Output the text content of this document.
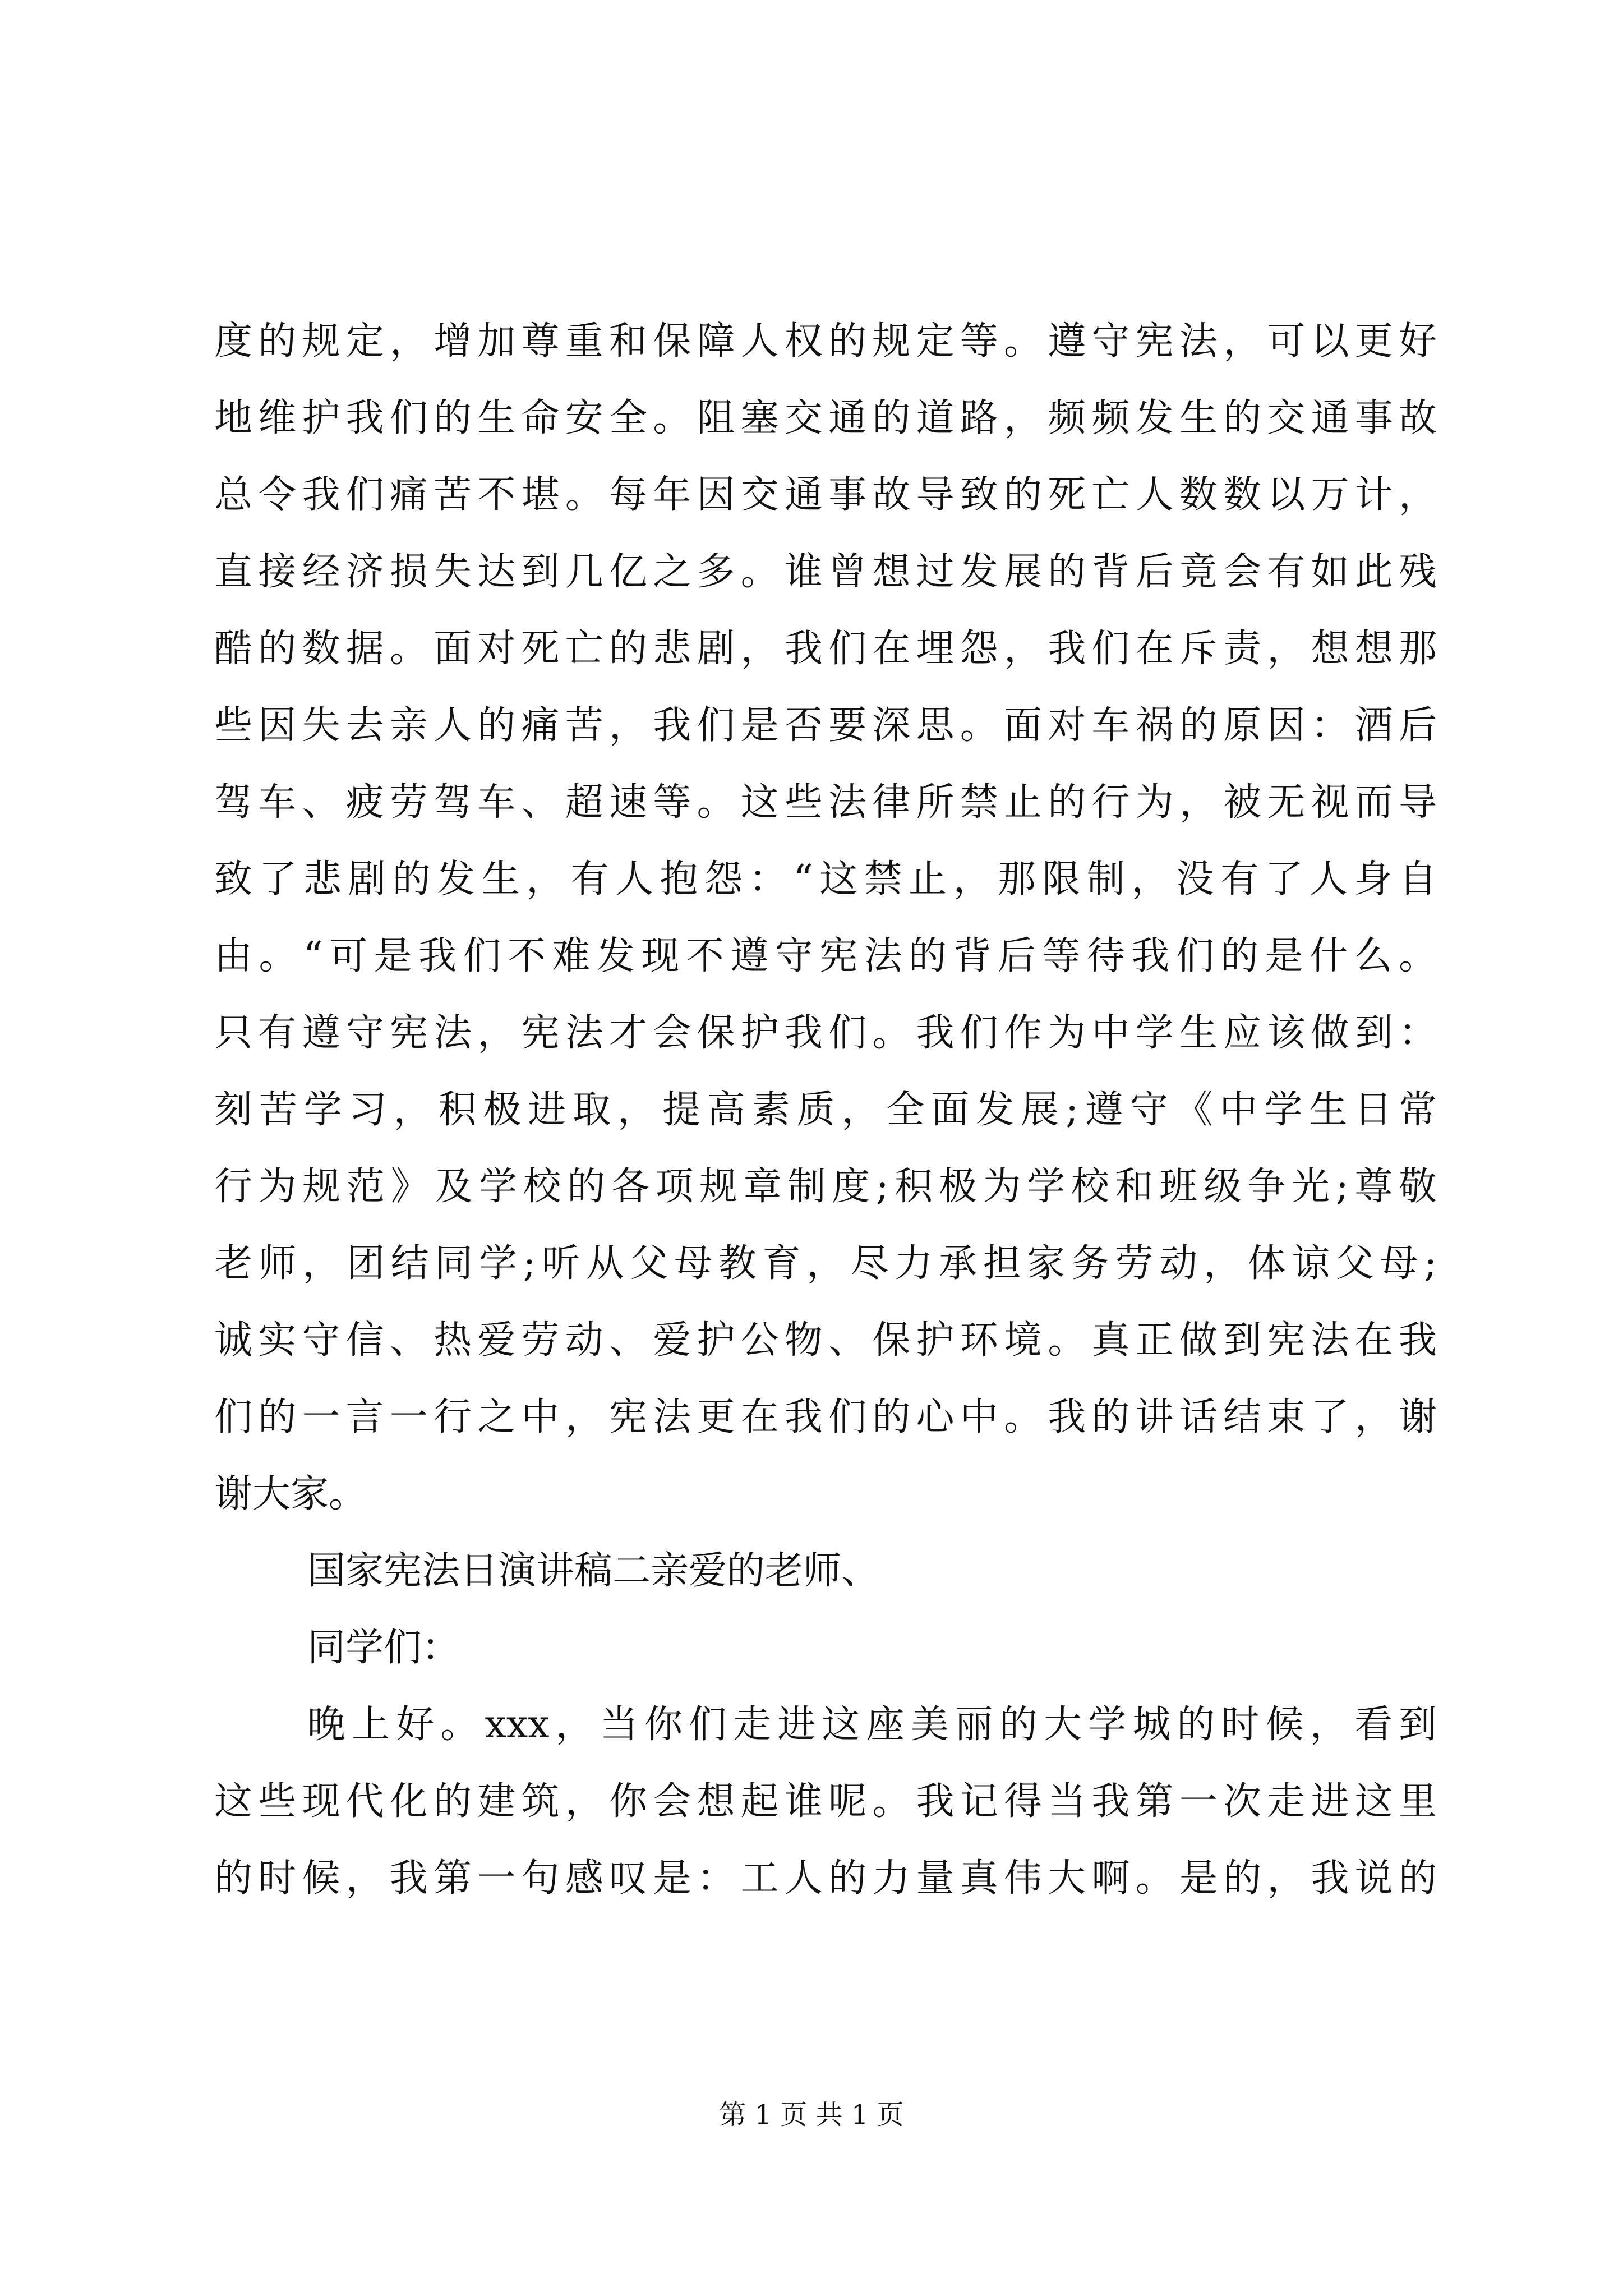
度的规定，增加尊重和保障人权的规定等。遵守宪法，可以更好
地维护我们的生命安全。阻塞交通的道路，频频发生的交通事故
总令我们痛苦不堪。每年因交通事故导致的死亡人数数以万计，
直接经济损失达到几亿之多。谁曾想过发展的背后竟会有如此残
酷的数据。面对死亡的悲剧，我们在埋怨，我们在斥责，想想那
些因失去亲人的痛苦，我们是否要深思。面对车祸的原因：酒后
驾车、疲劳驾车、超速等。这些法律所禁止的行为，被无视而导
致了悲剧的发生，有人抱怨：“这禁止，那限制，没有了人身自
由。“可是我们不难发现不遵守宪法的背后等待我们的是什么。
只有遵守宪法，宪法才会保护我们。我们作为中学生应该做到：
刻苦学习，积极进取，提高素质，全面发展;遵守《中学生日常
行为规范》及学校的各项规章制度;积极为学校和班级争光;尊敬
老师，团结同学;听从父母教育，尽力承担家务劳动，体谅父母;
诚实守信、热爱劳动、爱护公物、保护环境。真正做到宪法在我
们的一言一行之中，宪法更在我们的心中。我的讲话结束了，谢
谢大家。
国家宪法日演讲稿二亲爱的老师、
同学们：
晚上好。xxx，当你们走进这座美丽的大学城的时候，看到
这些现代化的建筑，你会想起谁呢。我记得当我第一次走进这里
的时候，我第一句感叹是：工人的力量真伟大啊。是的，我说的
第 1 页 共 1 页
